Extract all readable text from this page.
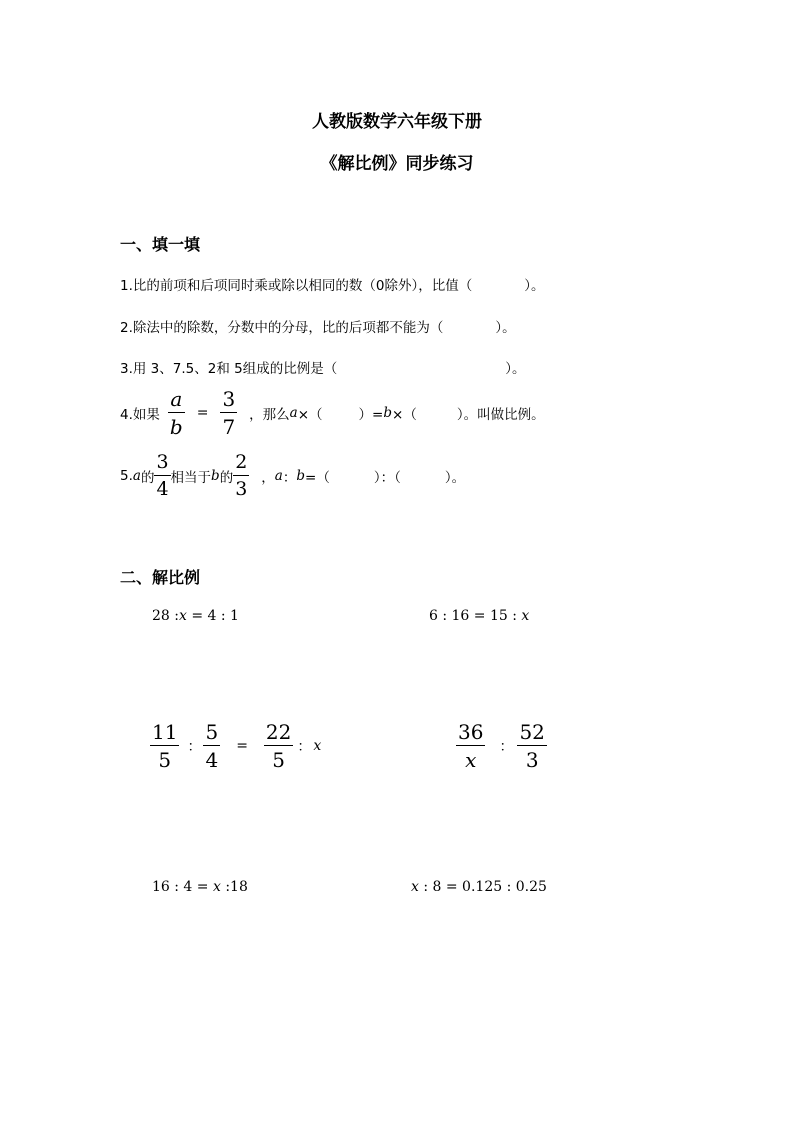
人教版数学六年级下册
《解比例》同步练习
一、填一填
1.比的前项和后项同时乘或除以相同的数（0除外），比值（	）。
2.除法中的除数，分数中的分母，比的后项都不能为（	）。
3.用 3、7.5、2和 5组成的比例是（	）。
4.如果 $\frac{a}{b} = \frac{3}{7}$ ，那么 a ×（	）= b ×（	）。叫做比例。
5. a 的 $\frac{3}{4}$ 相当于 b 的 $\frac{2}{3}$ ， a ： b =（	）：（	）。
二、解比例
28 :x = 4 : 1	6 : 16 = 15 : x
$\frac{11}{5}$ ： $\frac{5}{4} = \frac{22}{5}$ ： x	$\frac{36}{x}$ ： $\frac{52}{3}$
16 : 4 = x :18	x : 8 = 0.125 : 0.25
